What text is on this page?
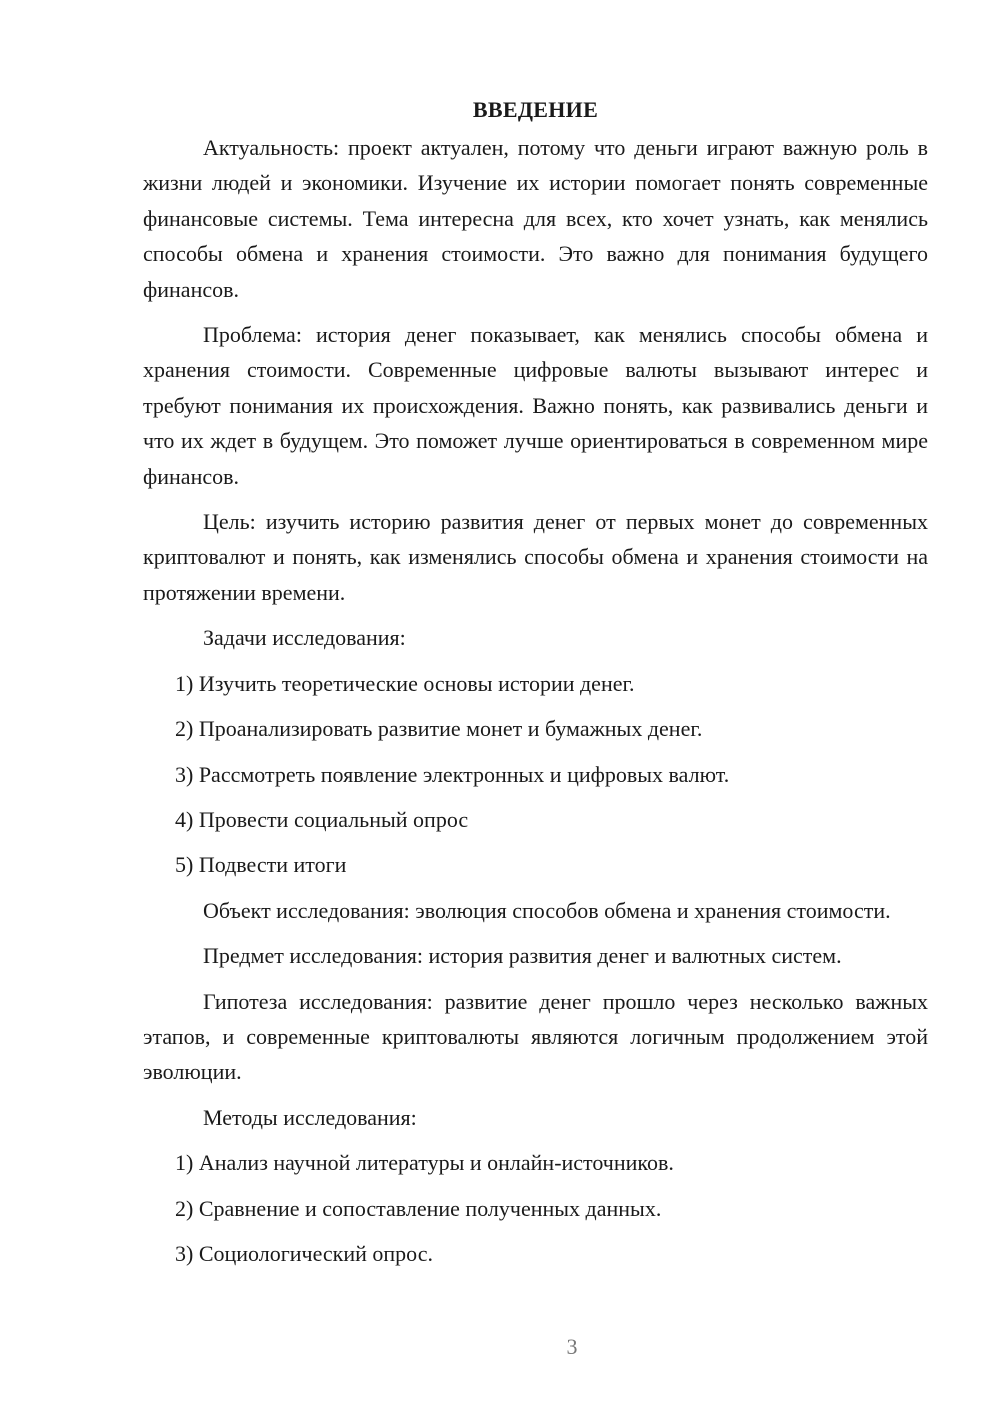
ВВЕДЕНИЕ

Актуальность: проект актуален, потому что деньги играют важную роль в жизни людей и экономики. Изучение их истории помогает понять современные финансовые системы. Тема интересна для всех, кто хочет узнать, как менялись способы обмена и хранения стоимости. Это важно для понимания будущего финансов.

Проблема: история денег показывает, как менялись способы обмена и хранения стоимости. Современные цифровые валюты вызывают интерес и требуют понимания их происхождения. Важно понять, как развивались деньги и что их ждет в будущем. Это поможет лучше ориентироваться в современном мире финансов.

Цель: изучить историю развития денег от первых монет до современных криптовалют и понять, как изменялись способы обмена и хранения стоимости на протяжении времени.

Задачи исследования:

1) Изучить теоретические основы истории денег.
2) Проанализировать развитие монет и бумажных денег.
3) Рассмотреть появление электронных и цифровых валют.
4) Провести социальный опрос
5) Подвести итоги

Объект исследования: эволюция способов обмена и хранения стоимости.

Предмет исследования: история развития денег и валютных систем.

Гипотеза исследования: развитие денег прошло через несколько важных этапов, и современные криптовалюты являются логичным продолжением этой эволюции.

Методы исследования:

1) Анализ научной литературы и онлайн-источников.
2) Сравнение и сопоставление полученных данных.
3) Социологический опрос.
3
